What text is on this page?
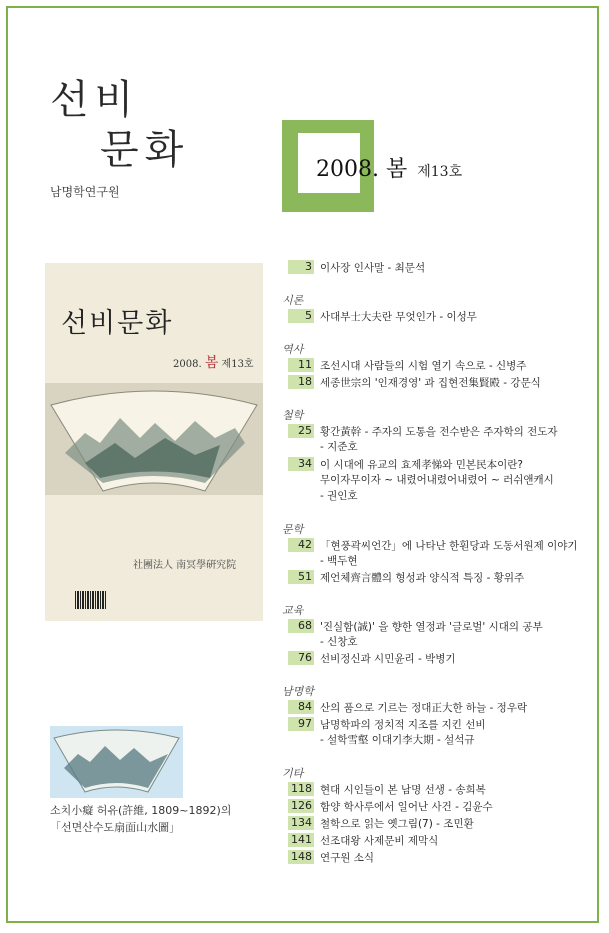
선비
문화
남명학연구원
2008. 봄 제13호
선비문화
2008. 봄 제13호
社團法人 南冥學硏究院
소치小癡 허유(許維, 1809~1892)의
「선면산수도扇面山水圖」
3 이사장 인사말 - 최문석
시론
5 사대부士大夫란 무엇인가 - 이성무
역사
11 조선시대 사람들의 시험 열기 속으로 - 신병주
18 세종世宗의 '인재경영' 과 집현전集賢殿 - 강문식
철학
25 황간黃幹 - 주자의 도통을 전수받은 주자학의 전도자
- 지준호
34 이 시대에 유교의 효제孝悌와 민본民本이란?
무이자무이자 ~ 내렸어내렸어내렸어 ~ 러쉬앤캐시
- 권인호
문학
42 「현풍곽씨언간」에 나타난 한훤당과 도동서원제 이야기
- 백두현
51 제언체齊言體의 형성과 양식적 특징 - 황위주
교육
68 '진실함(誠)' 을 향한 열정과 '글로벌' 시대의 공부
- 신창호
76 선비정신과 시민윤리 - 박병기
남명학
84 산의 품으로 기르는 정대正大한 하늘 - 정우락
97 남명학파의 정치적 지조를 지킨 선비
- 설학雪壑 이대기李大期 - 설석규
기타
118 현대 시인들이 본 남명 선생 - 송희복
126 함양 학사루에서 일어난 사건 - 김윤수
134 철학으로 읽는 옛그림(7) - 조민환
141 선조대왕 사제문비 제막식
148 연구원 소식
